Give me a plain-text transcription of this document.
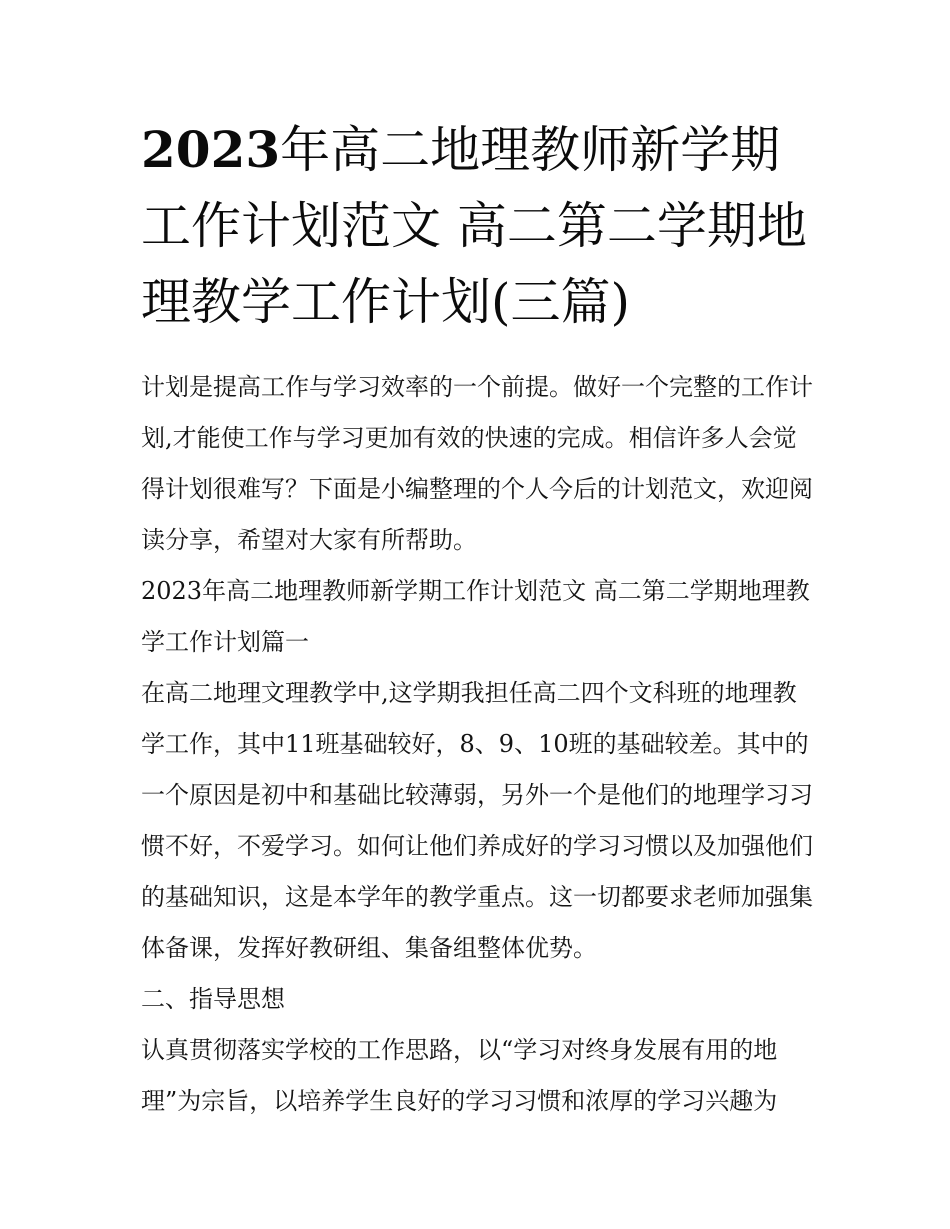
2023年高二地理教师新学期工作计划范文 高二第二学期地理教学工作计划(三篇)

计划是提高工作与学习效率的一个前提。做好一个完整的工作计划,才能使工作与学习更加有效的快速的完成。相信许多人会觉得计划很难写？下面是小编整理的个人今后的计划范文，欢迎阅读分享，希望对大家有所帮助。

2023年高二地理教师新学期工作计划范文 高二第二学期地理教学工作计划篇一

在高二地理文理教学中,这学期我担任高二四个文科班的地理教学工作，其中11班基础较好，8、9、10班的基础较差。其中的一个原因是初中和基础比较薄弱，另外一个是他们的地理学习习惯不好，不爱学习。如何让他们养成好的学习习惯以及加强他们的基础知识，这是本学年的教学重点。这一切都要求老师加强集体备课，发挥好教研组、集备组整体优势。

二、指导思想

认真贯彻落实学校的工作思路，以“学习对终身发展有用的地理”为宗旨，以培养学生良好的学习习惯和浓厚的学习兴趣为
